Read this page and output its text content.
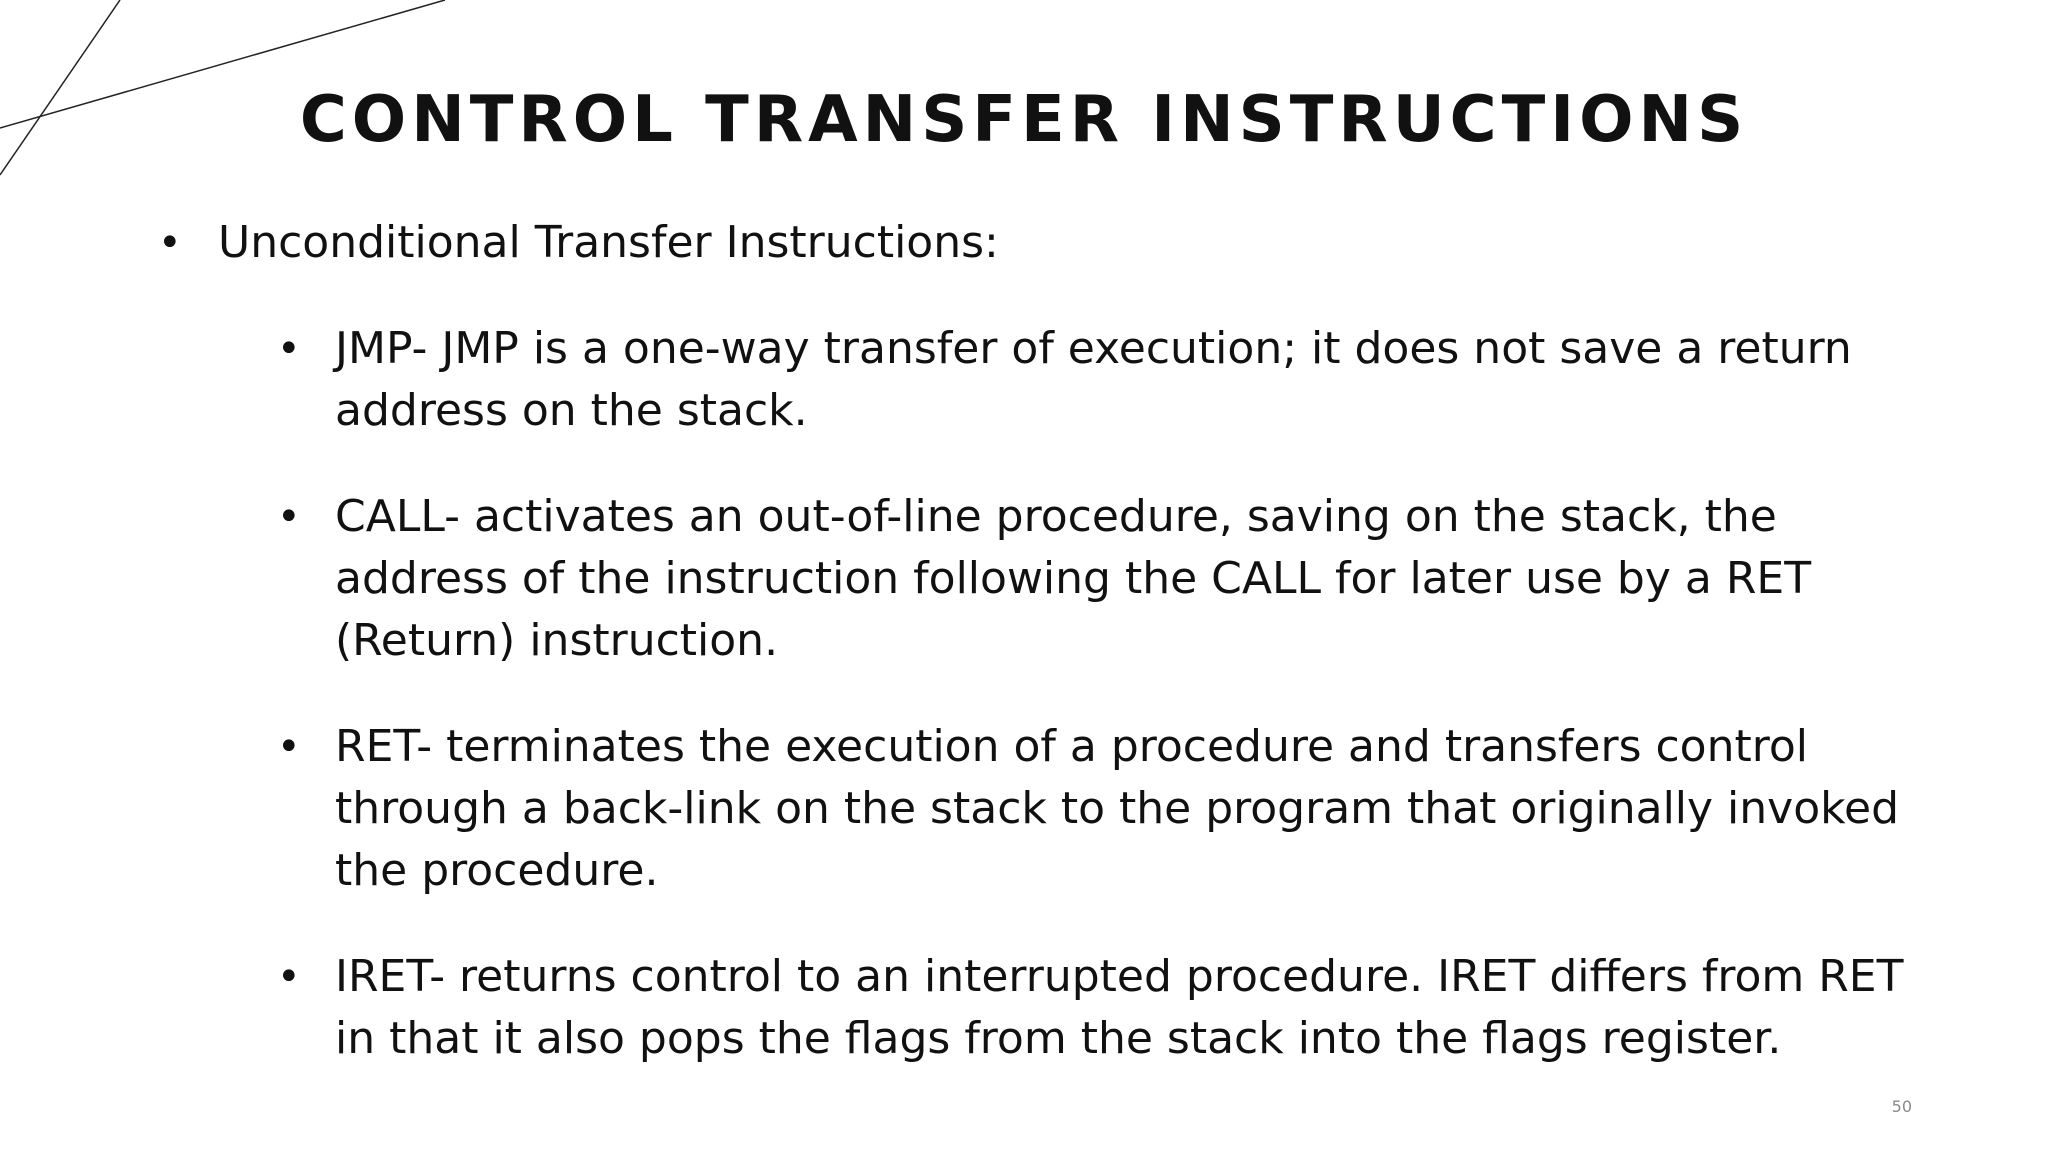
CONTROL TRANSFER INSTRUCTIONS

• Unconditional Transfer Instructions:

• JMP- JMP is a one-way transfer of execution; it does not save a return address on the stack.

• CALL- activates an out-of-line procedure, saving on the stack, the address of the instruction following the CALL for later use by a RET (Return) instruction.

• RET- terminates the execution of a procedure and transfers control through a back-link on the stack to the program that originally invoked the procedure.

• IRET- returns control to an interrupted procedure. IRET differs from RET in that it also pops the flags from the stack into the flags register.

50
